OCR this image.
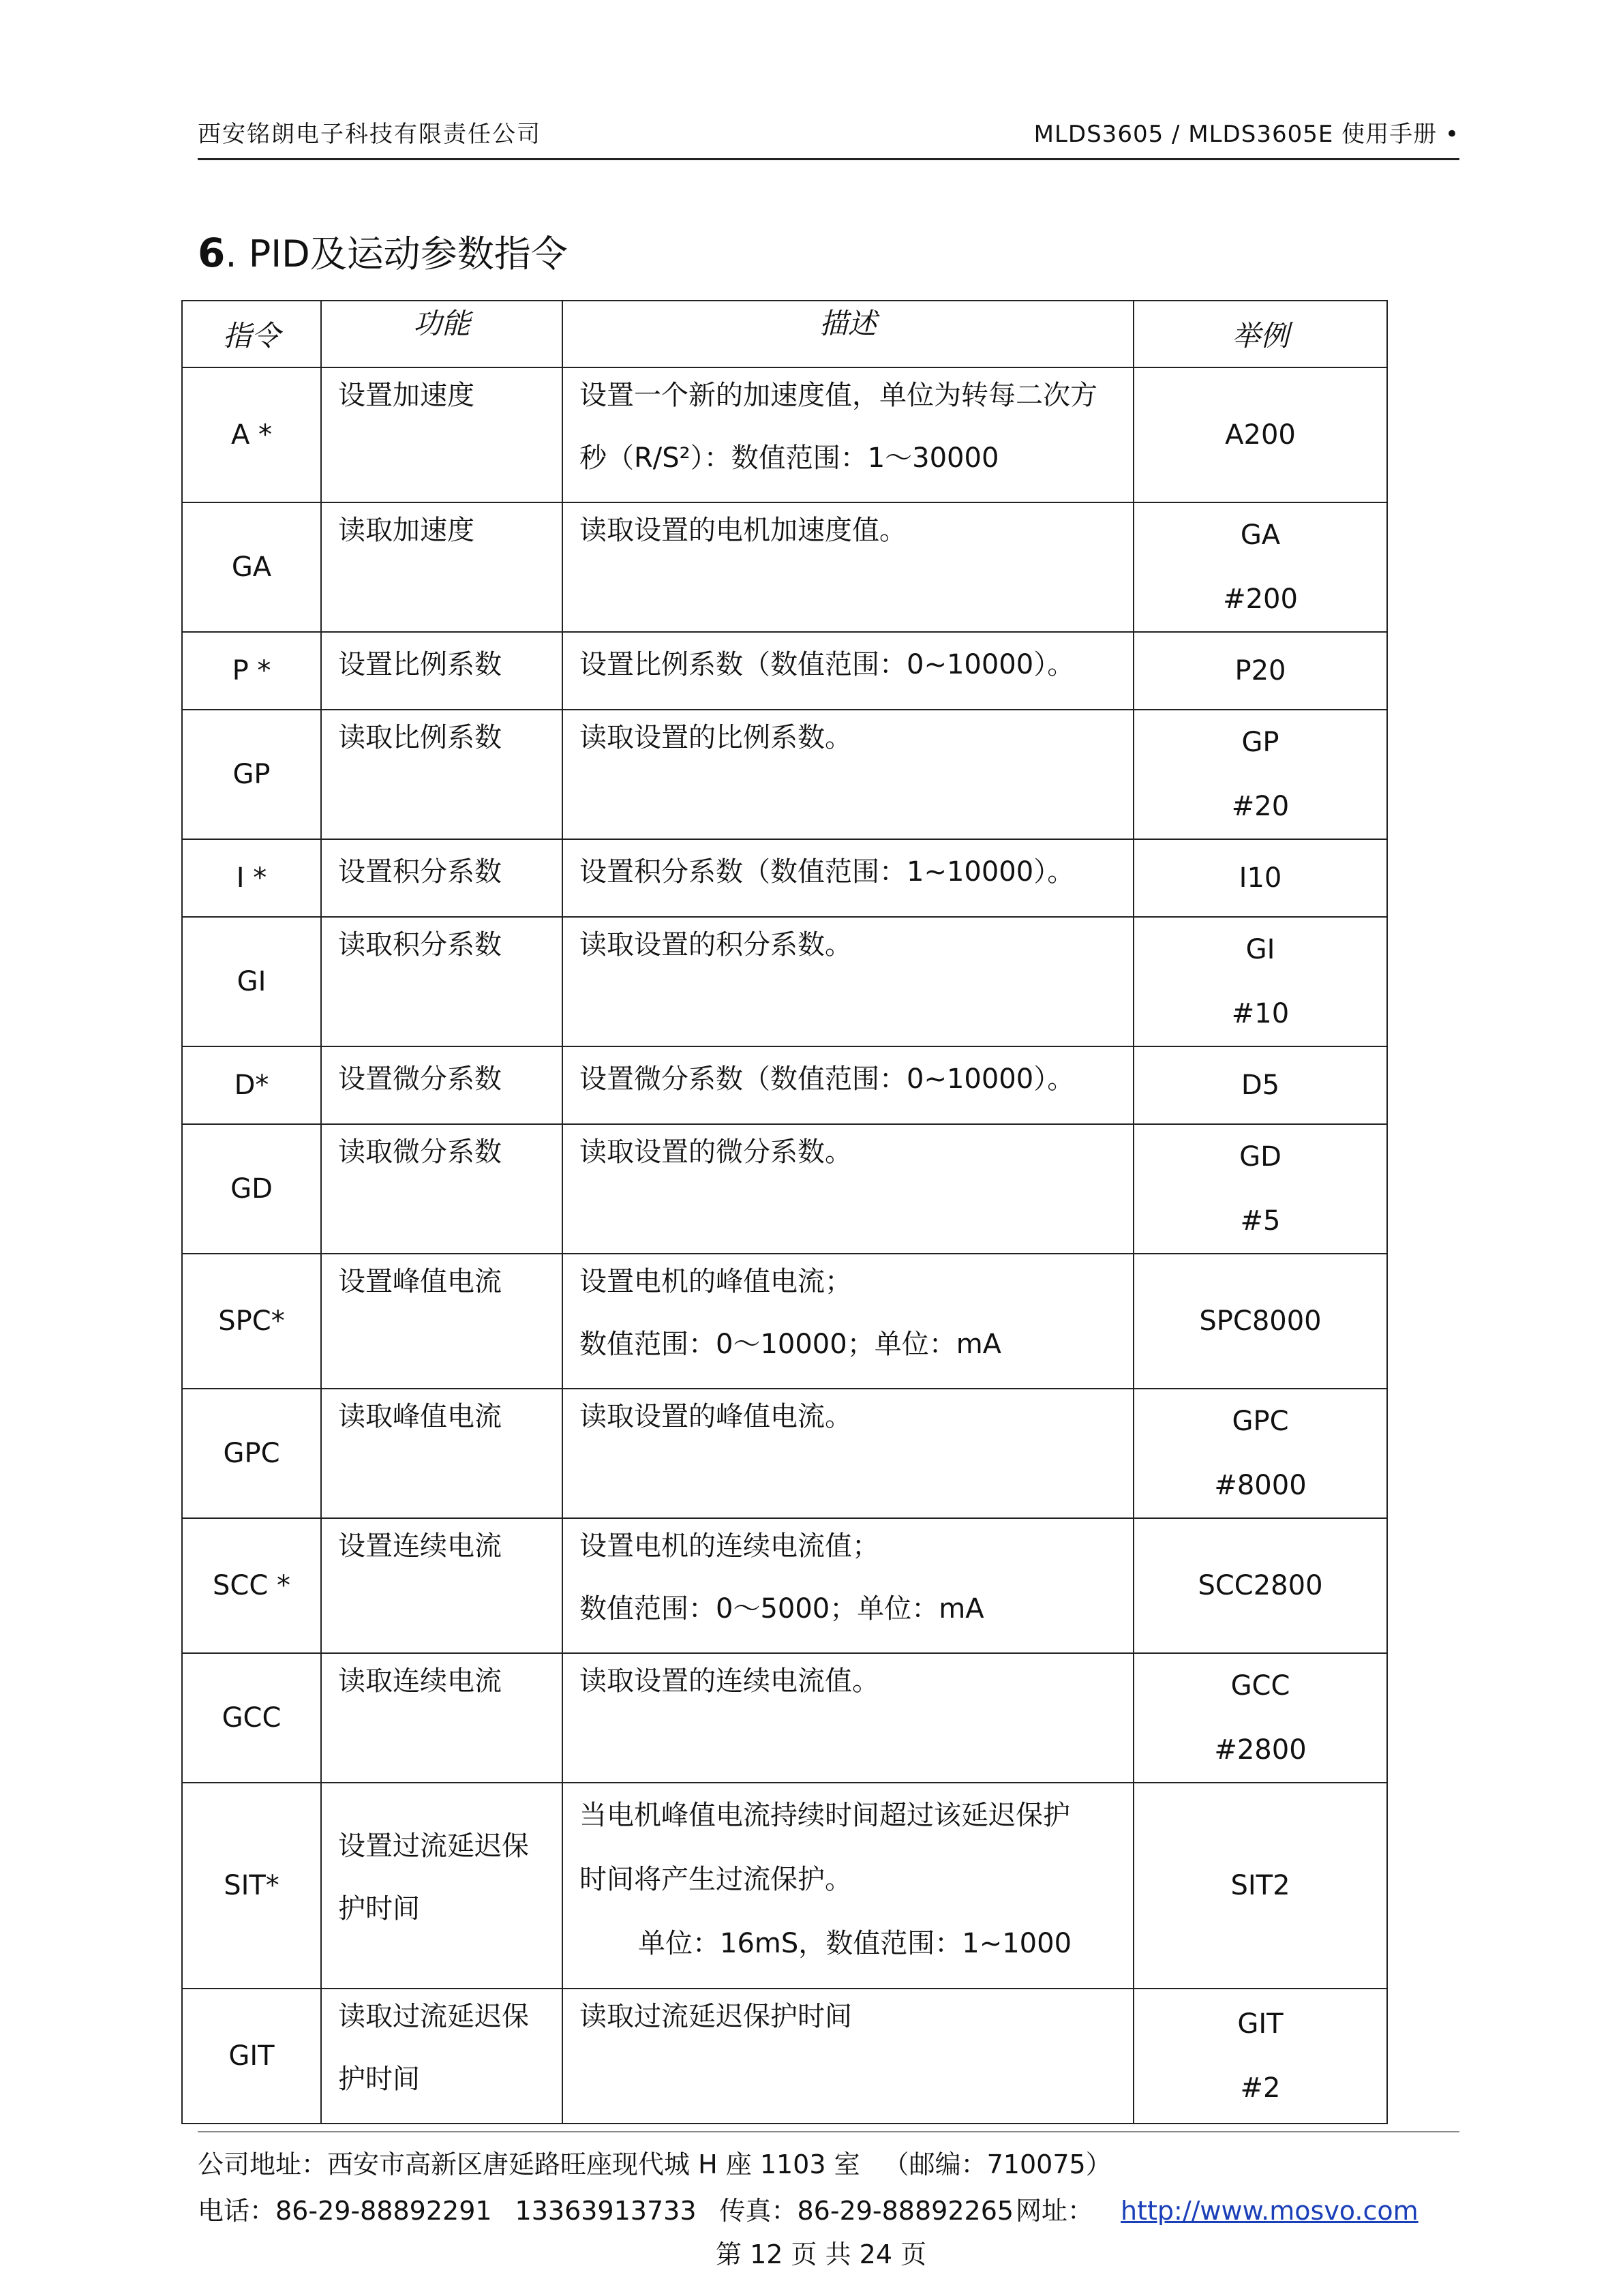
西安铭朗电子科技有限责任公司	MLDS3605 / MLDS3605E 使用手册 •
6. PID及运动参数指令
指令	功能	描述	举例
A *	设置加速度	设置一个新的加速度值，单位为转每二次方
秒（R/S²）：数值范围：1～30000	A200

GA	读取加速度	读取设置的电机加速度值。	GA
#200

P *	设置比例系数	设置比例系数（数值范围：0~10000）。	P20

GP	读取比例系数	读取设置的比例系数。	GP
#20

I *	设置积分系数	设置积分系数（数值范围：1~10000）。	I10

GI	读取积分系数	读取设置的积分系数。	GI
#10

D*	设置微分系数	设置微分系数（数值范围：0~10000）。	D5

GD	读取微分系数	读取设置的微分系数。	GD
#5

SPC*	设置峰值电流	设置电机的峰值电流；
数值范围：0～10000；单位：mA	SPC8000

GPC	读取峰值电流	读取设置的峰值电流。	GPC
#8000

SCC *	设置连续电流	设置电机的连续电流值；
数值范围：0～5000；单位：mA	SCC2800

GCC	读取连续电流	读取设置的连续电流值。	GCC
#2800

SIT*	设置过流延迟保护时间	当电机峰值电流持续时间超过该延迟保护
时间将产生过流保护。
单位：16mS，数值范围：1~1000	SIT2

GIT	读取过流延迟保护时间	读取过流延迟保护时间	GIT
#2
公司地址：西安市高新区唐延路旺座现代城 H 座 1103 室 （邮编：710075）
电话：86-29-88892291 13363913733 传真：86-29-88892265 网址： http://www.mosvo.com
第 12 页 共 24 页
